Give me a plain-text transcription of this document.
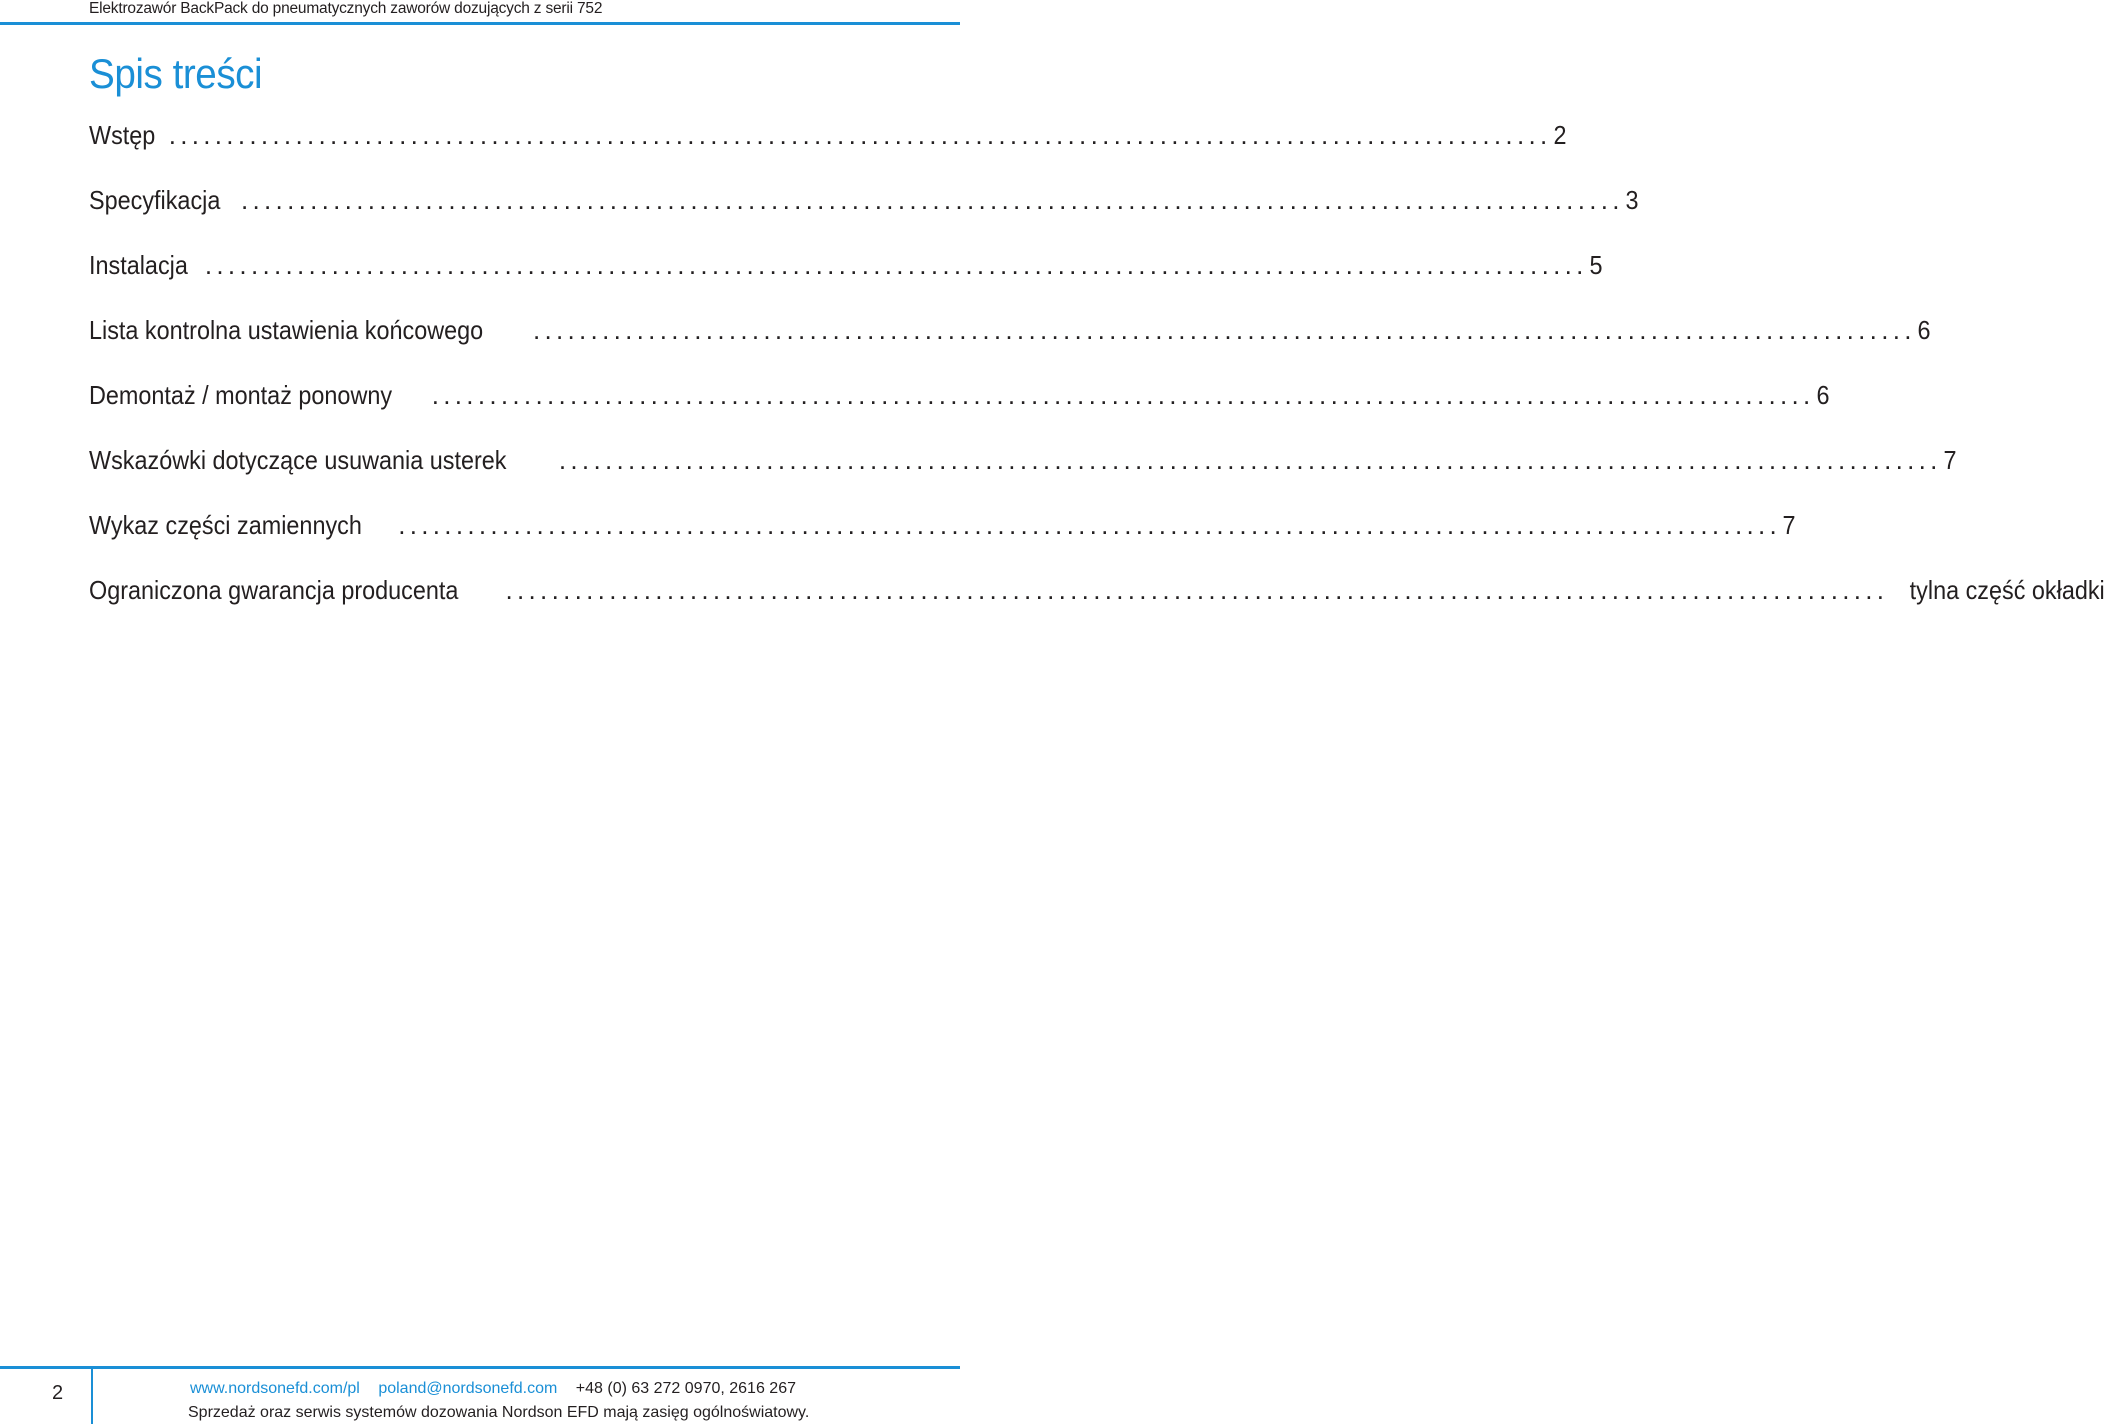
Elektrozawór BackPack do pneumatycznych zaworów dozujących z serii 752
Spis treści
Wstęp ........................................................................................................................ 2
Specyfikacja ........................................................................................................................ 3
Instalacja ........................................................................................................................ 5
Lista kontrolna ustawienia końcowego ........................................................................................................................ 6
Demontaż / montaż ponowny ........................................................................................................................ 6
Wskazówki dotyczące usuwania usterek ........................................................................................................................ 7
Wykaz części zamiennych ........................................................................................................................ 7
Ograniczona gwarancja producenta ........................................................................................................................ tylna część okładki
2	www.nordsonefd.com/pl poland@nordsonefd.com +48 (0) 63 272 0970, 2616 267
Sprzedaż oraz serwis systemów dozowania Nordson EFD mają zasięg ogólnoświatowy.
